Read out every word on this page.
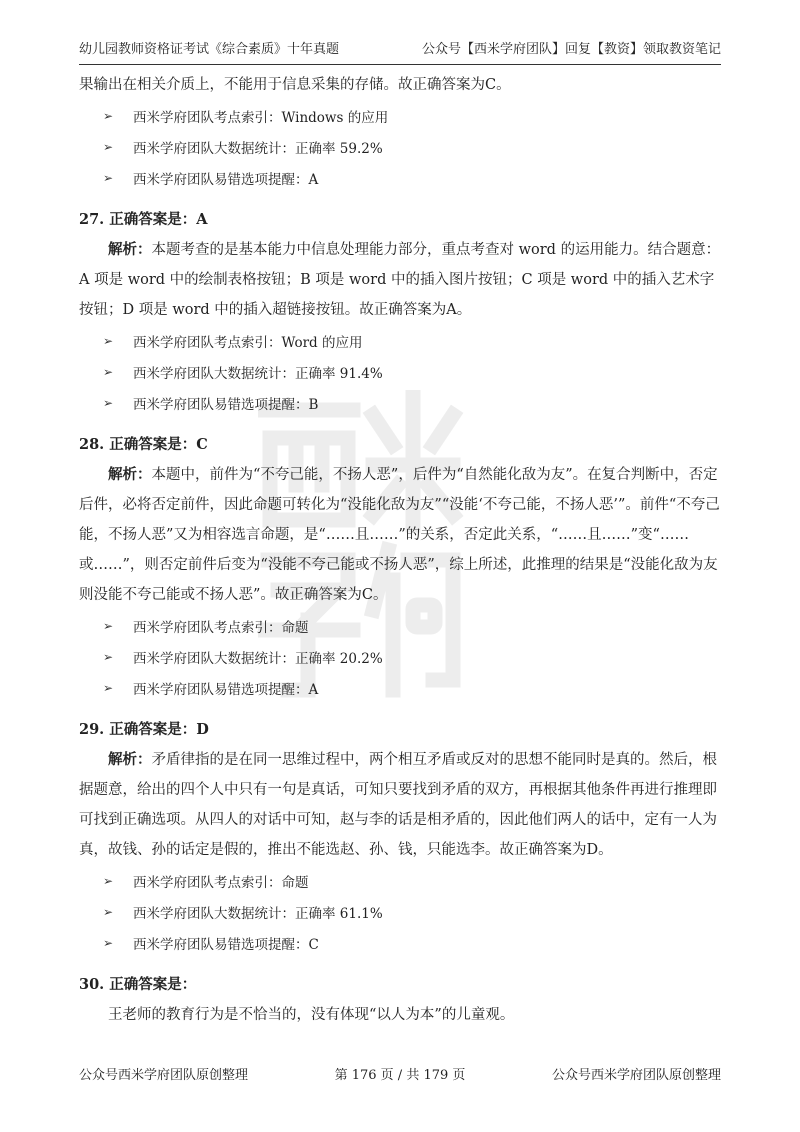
幼儿园教师资格证考试《综合素质》十年真题	公众号【西米学府团队】回复【教资】领取教资笔记

果输出在相关介质上，不能用于信息采集的存储。故正确答案为C。

➢	西米学府团队考点索引：Windows 的应用
➢	西米学府团队大数据统计：正确率 59.2%
➢	西米学府团队易错选项提醒：A
27. 正确答案是：A

解析：本题考查的是基本能力中信息处理能力部分，重点考查对 word 的运用能力。结合题意：A 项是 word 中的绘制表格按钮；B 项是 word 中的插入图片按钮；C 项是 word 中的插入艺术字按钮；D 项是 word 中的插入超链接按钮。故正确答案为A。

➢	西米学府团队考点索引：Word 的应用
➢	西米学府团队大数据统计：正确率 91.4%
➢	西米学府团队易错选项提醒：B
28. 正确答案是：C

解析：本题中，前件为“不夸己能，不扬人恶”，后件为“自然能化敌为友”。在复合判断中，否定后件，必将否定前件，因此命题可转化为“没能化敌为友”“没能‘不夸己能，不扬人恶’”。前件“不夸己能，不扬人恶”又为相容选言命题，是“……且……”的关系，否定此关系，“……且……”变“……或……”，则否定前件后变为“没能不夸己能或不扬人恶”，综上所述，此推理的结果是“没能化敌为友则没能不夸己能或不扬人恶”。故正确答案为C。

➢	西米学府团队考点索引：命题
➢	西米学府团队大数据统计：正确率 20.2%
➢	西米学府团队易错选项提醒：A
29. 正确答案是：D

解析：矛盾律指的是在同一思维过程中，两个相互矛盾或反对的思想不能同时是真的。然后，根据题意，给出的四个人中只有一句是真话，可知只要找到矛盾的双方，再根据其他条件再进行推理即可找到正确选项。从四人的对话中可知，赵与李的话是相矛盾的，因此他们两人的话中，定有一人为真，故钱、孙的话定是假的，推出不能选赵、孙、钱，只能选李。故正确答案为D。

➢	西米学府团队考点索引：命题
➢	西米学府团队大数据统计：正确率 61.1%
➢	西米学府团队易错选项提醒：C
30. 正确答案是：

王老师的教育行为是不恰当的，没有体现“以人为本”的儿童观。

公众号西米学府团队原创整理	第 176 页 / 共 179 页	公众号西米学府团队原创整理
